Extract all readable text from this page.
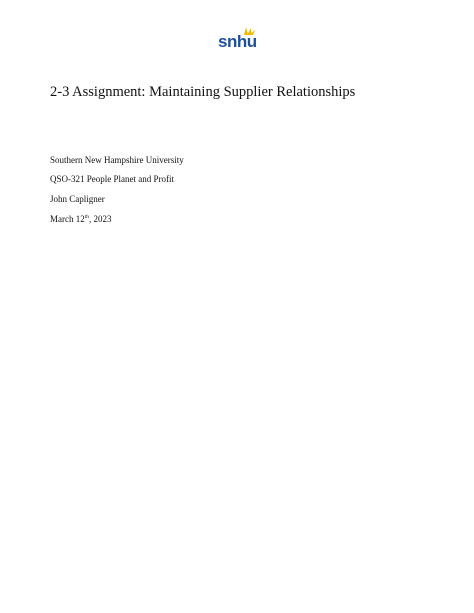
snhu
2-3 Assignment: Maintaining Supplier Relationships
Southern New Hampshire University
QSO-321 People Planet and Profit
John Capligner
March 12th, 2023
